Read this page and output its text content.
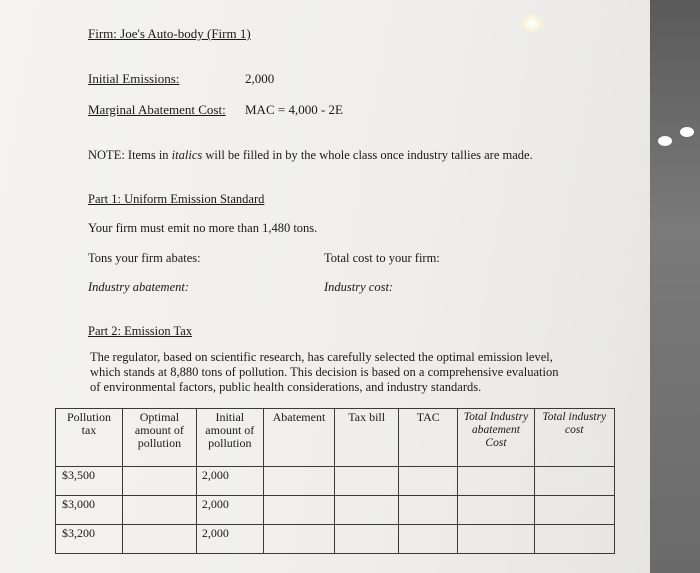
Firm: Joe's Auto-body (Firm 1)
Initial Emissions:	2,000
Marginal Abatement Cost: MAC = 4,000 - 2E
NOTE: Items in italics will be filled in by the whole class once industry tallies are made.
Part 1: Uniform Emission Standard
Your firm must emit no more than 1,480 tons.
Tons your firm abates:	Total cost to your firm:
Industry abatement:	Industry cost:
Part 2: Emission Tax
The regulator, based on scientific research, has carefully selected the optimal emission level, which stands at 8,880 tons of pollution. This decision is based on a comprehensive evaluation of environmental factors, public health considerations, and industry standards.
Pollution tax	Optimal amount of pollution	Initial amount of pollution	Abatement	Tax bill	TAC	Total Industry abatement Cost	Total industry cost
$3,500		2,000					
$3,000		2,000					
$3,200		2,000					
